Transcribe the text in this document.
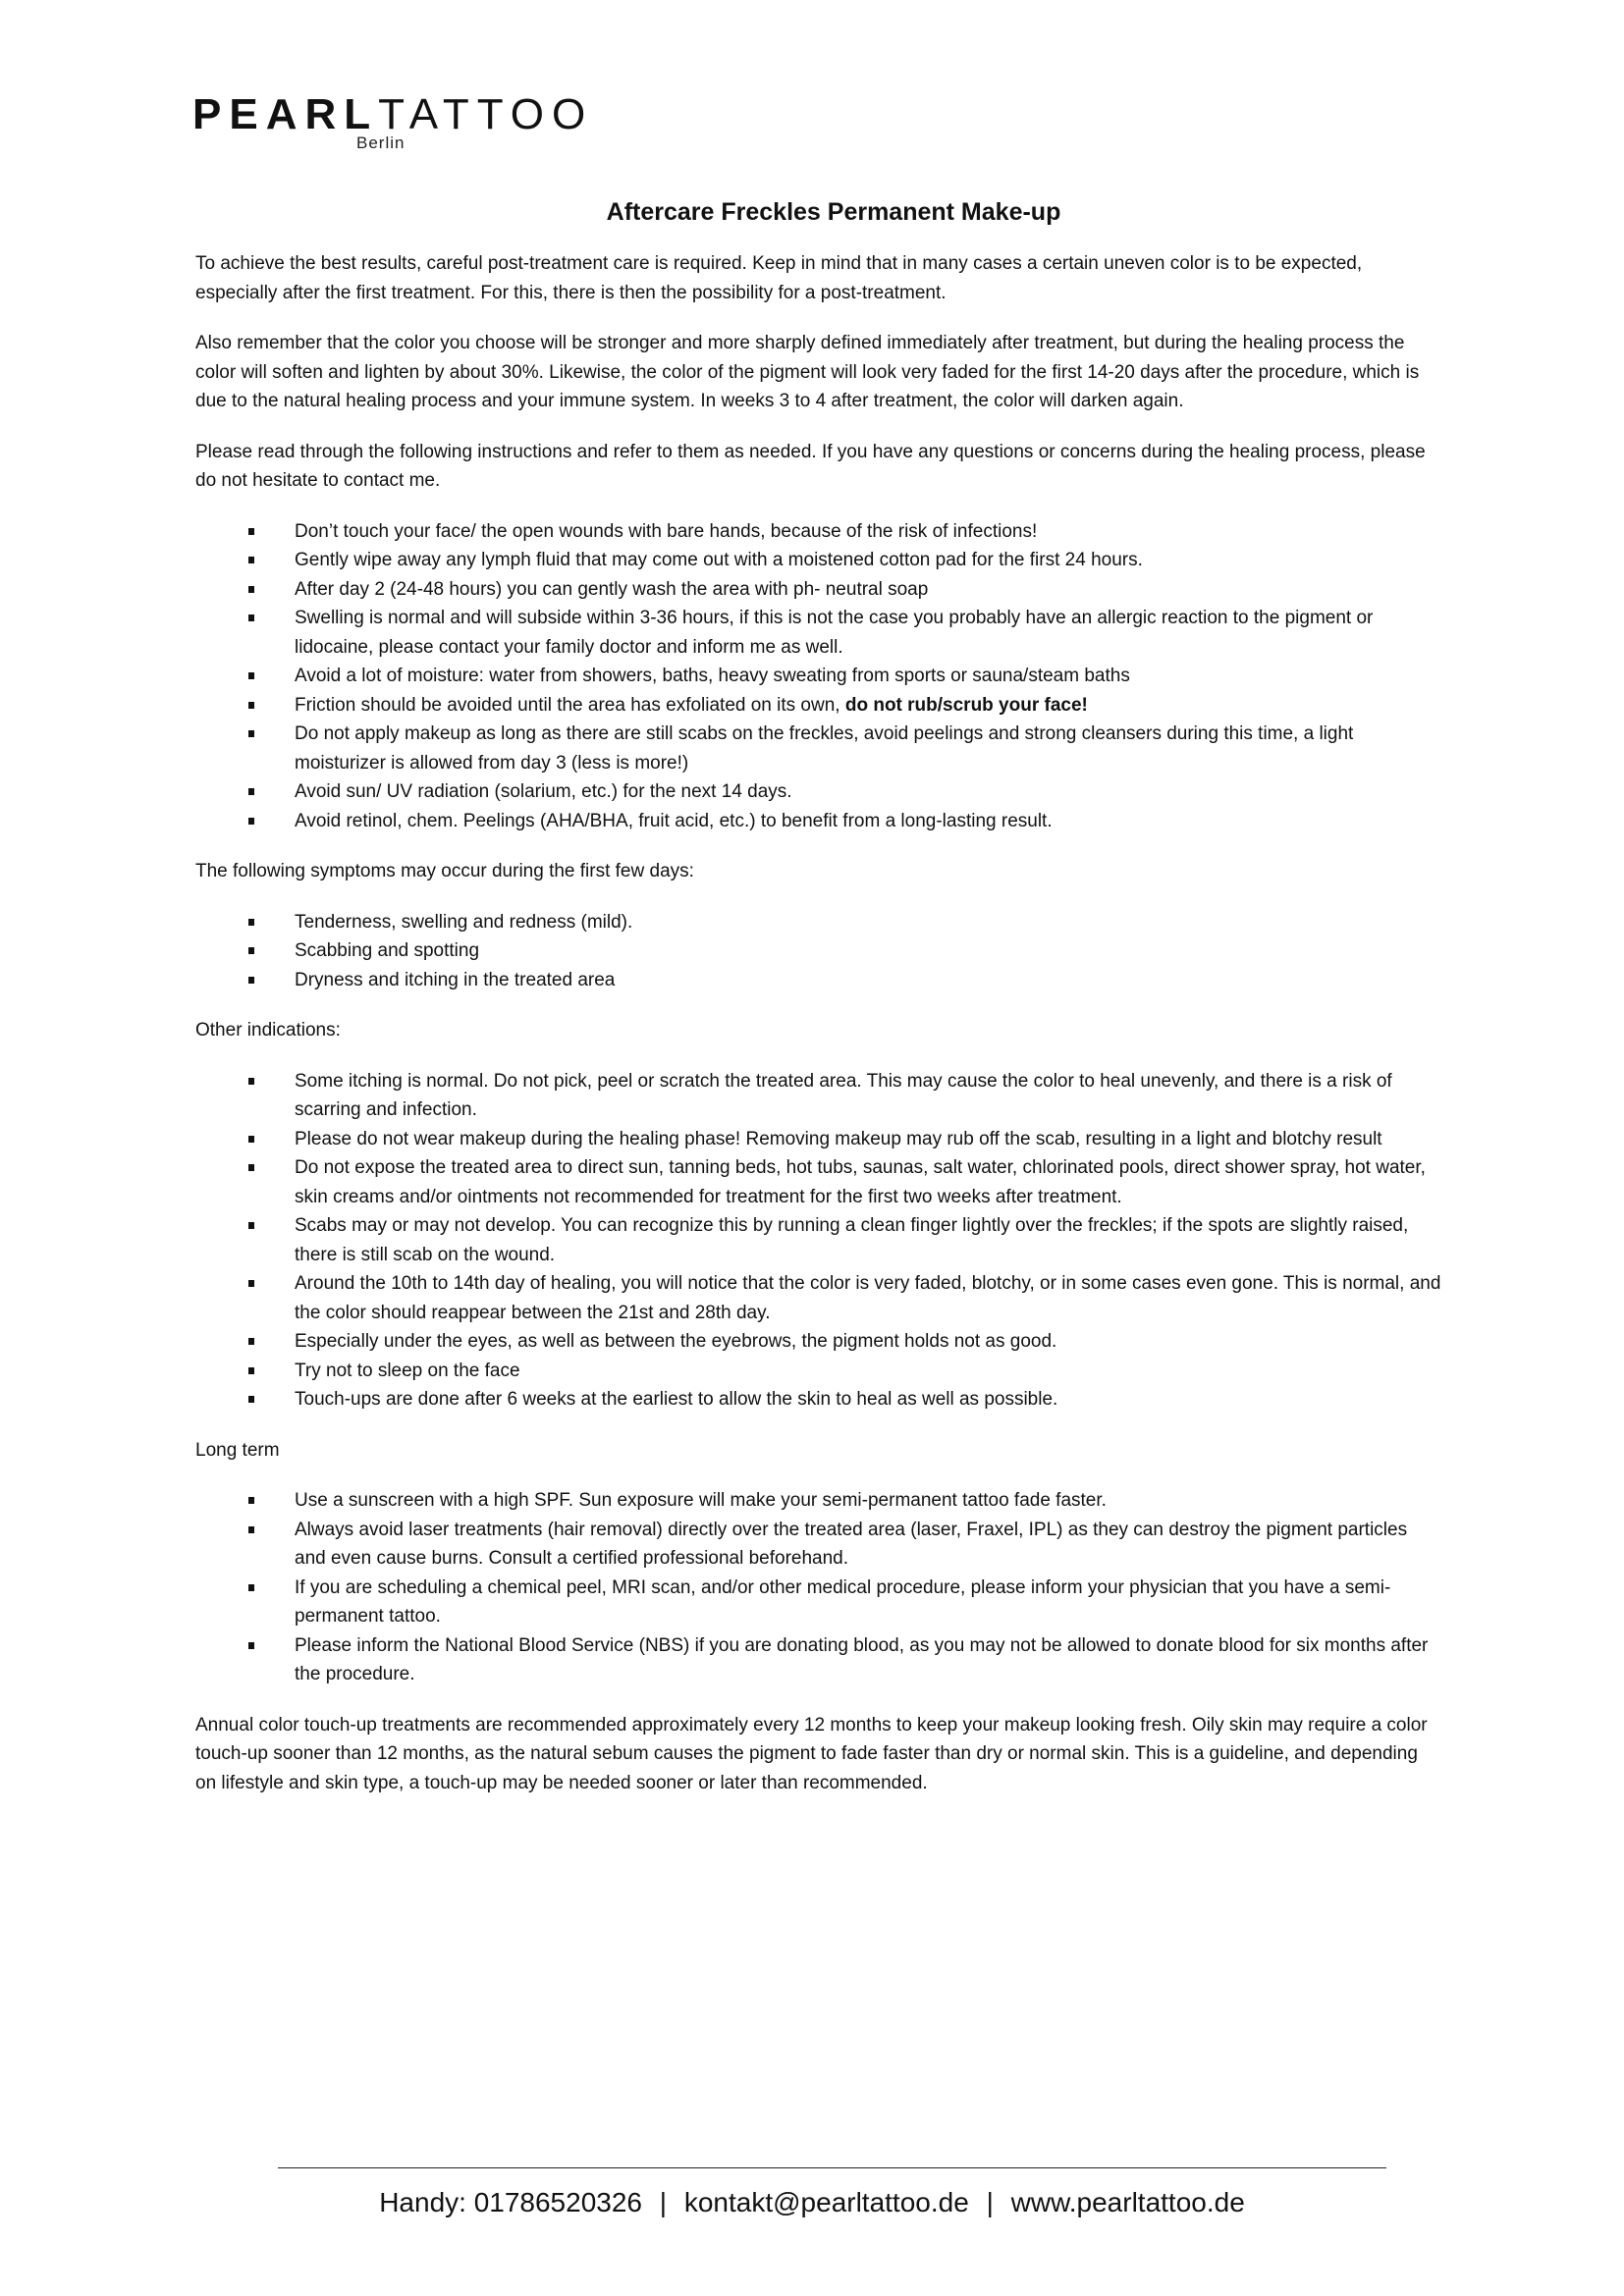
PEARLTATTOO
Berlin
Aftercare Freckles Permanent Make-up

To achieve the best results, careful post-treatment care is required. Keep in mind that in many cases a certain uneven color is to be expected, especially after the first treatment. For this, there is then the possibility for a post-treatment.

Also remember that the color you choose will be stronger and more sharply defined immediately after treatment, but during the healing process the color will soften and lighten by about 30%. Likewise, the color of the pigment will look very faded for the first 14-20 days after the procedure, which is due to the natural healing process and your immune system. In weeks 3 to 4 after treatment, the color will darken again.

Please read through the following instructions and refer to them as needed. If you have any questions or concerns during the healing process, please do not hesitate to contact me.

Don’t touch your face/ the open wounds with bare hands, because of the risk of infections!
Gently wipe away any lymph fluid that may come out with a moistened cotton pad for the first 24 hours.
After day 2 (24-48 hours) you can gently wash the area with ph- neutral soap
Swelling is normal and will subside within 3-36 hours, if this is not the case you probably have an allergic reaction to the pigment or lidocaine, please contact your family doctor and inform me as well.
Avoid a lot of moisture: water from showers, baths, heavy sweating from sports or sauna/steam baths
Friction should be avoided until the area has exfoliated on its own, do not rub/scrub your face!
Do not apply makeup as long as there are still scabs on the freckles, avoid peelings and strong cleansers during this time, a light moisturizer is allowed from day 3 (less is more!)
Avoid sun/ UV radiation (solarium, etc.) for the next 14 days.
Avoid retinol, chem. Peelings (AHA/BHA, fruit acid, etc.) to benefit from a long-lasting result.

The following symptoms may occur during the first few days:

Tenderness, swelling and redness (mild).
Scabbing and spotting
Dryness and itching in the treated area

Other indications:

Some itching is normal. Do not pick, peel or scratch the treated area. This may cause the color to heal unevenly, and there is a risk of scarring and infection.
Please do not wear makeup during the healing phase! Removing makeup may rub off the scab, resulting in a light and blotchy result
Do not expose the treated area to direct sun, tanning beds, hot tubs, saunas, salt water, chlorinated pools, direct shower spray, hot water, skin creams and/or ointments not recommended for treatment for the first two weeks after treatment.
Scabs may or may not develop. You can recognize this by running a clean finger lightly over the freckles; if the spots are slightly raised, there is still scab on the wound.
Around the 10th to 14th day of healing, you will notice that the color is very faded, blotchy, or in some cases even gone. This is normal, and the color should reappear between the 21st and 28th day.
Especially under the eyes, as well as between the eyebrows, the pigment holds not as good.
Try not to sleep on the face
Touch-ups are done after 6 weeks at the earliest to allow the skin to heal as well as possible.

Long term

Use a sunscreen with a high SPF. Sun exposure will make your semi-permanent tattoo fade faster.
Always avoid laser treatments (hair removal) directly over the treated area (laser, Fraxel, IPL) as they can destroy the pigment particles and even cause burns. Consult a certified professional beforehand.
If you are scheduling a chemical peel, MRI scan, and/or other medical procedure, please inform your physician that you have a semi-permanent tattoo.
Please inform the National Blood Service (NBS) if you are donating blood, as you may not be allowed to donate blood for six months after the procedure.

Annual color touch-up treatments are recommended approximately every 12 months to keep your makeup looking fresh. Oily skin may require a color touch-up sooner than 12 months, as the natural sebum causes the pigment to fade faster than dry or normal skin. This is a guideline, and depending on lifestyle and skin type, a touch-up may be needed sooner or later than recommended.

Handy: 01786520326 | kontakt@pearltattoo.de | www.pearltattoo.de
